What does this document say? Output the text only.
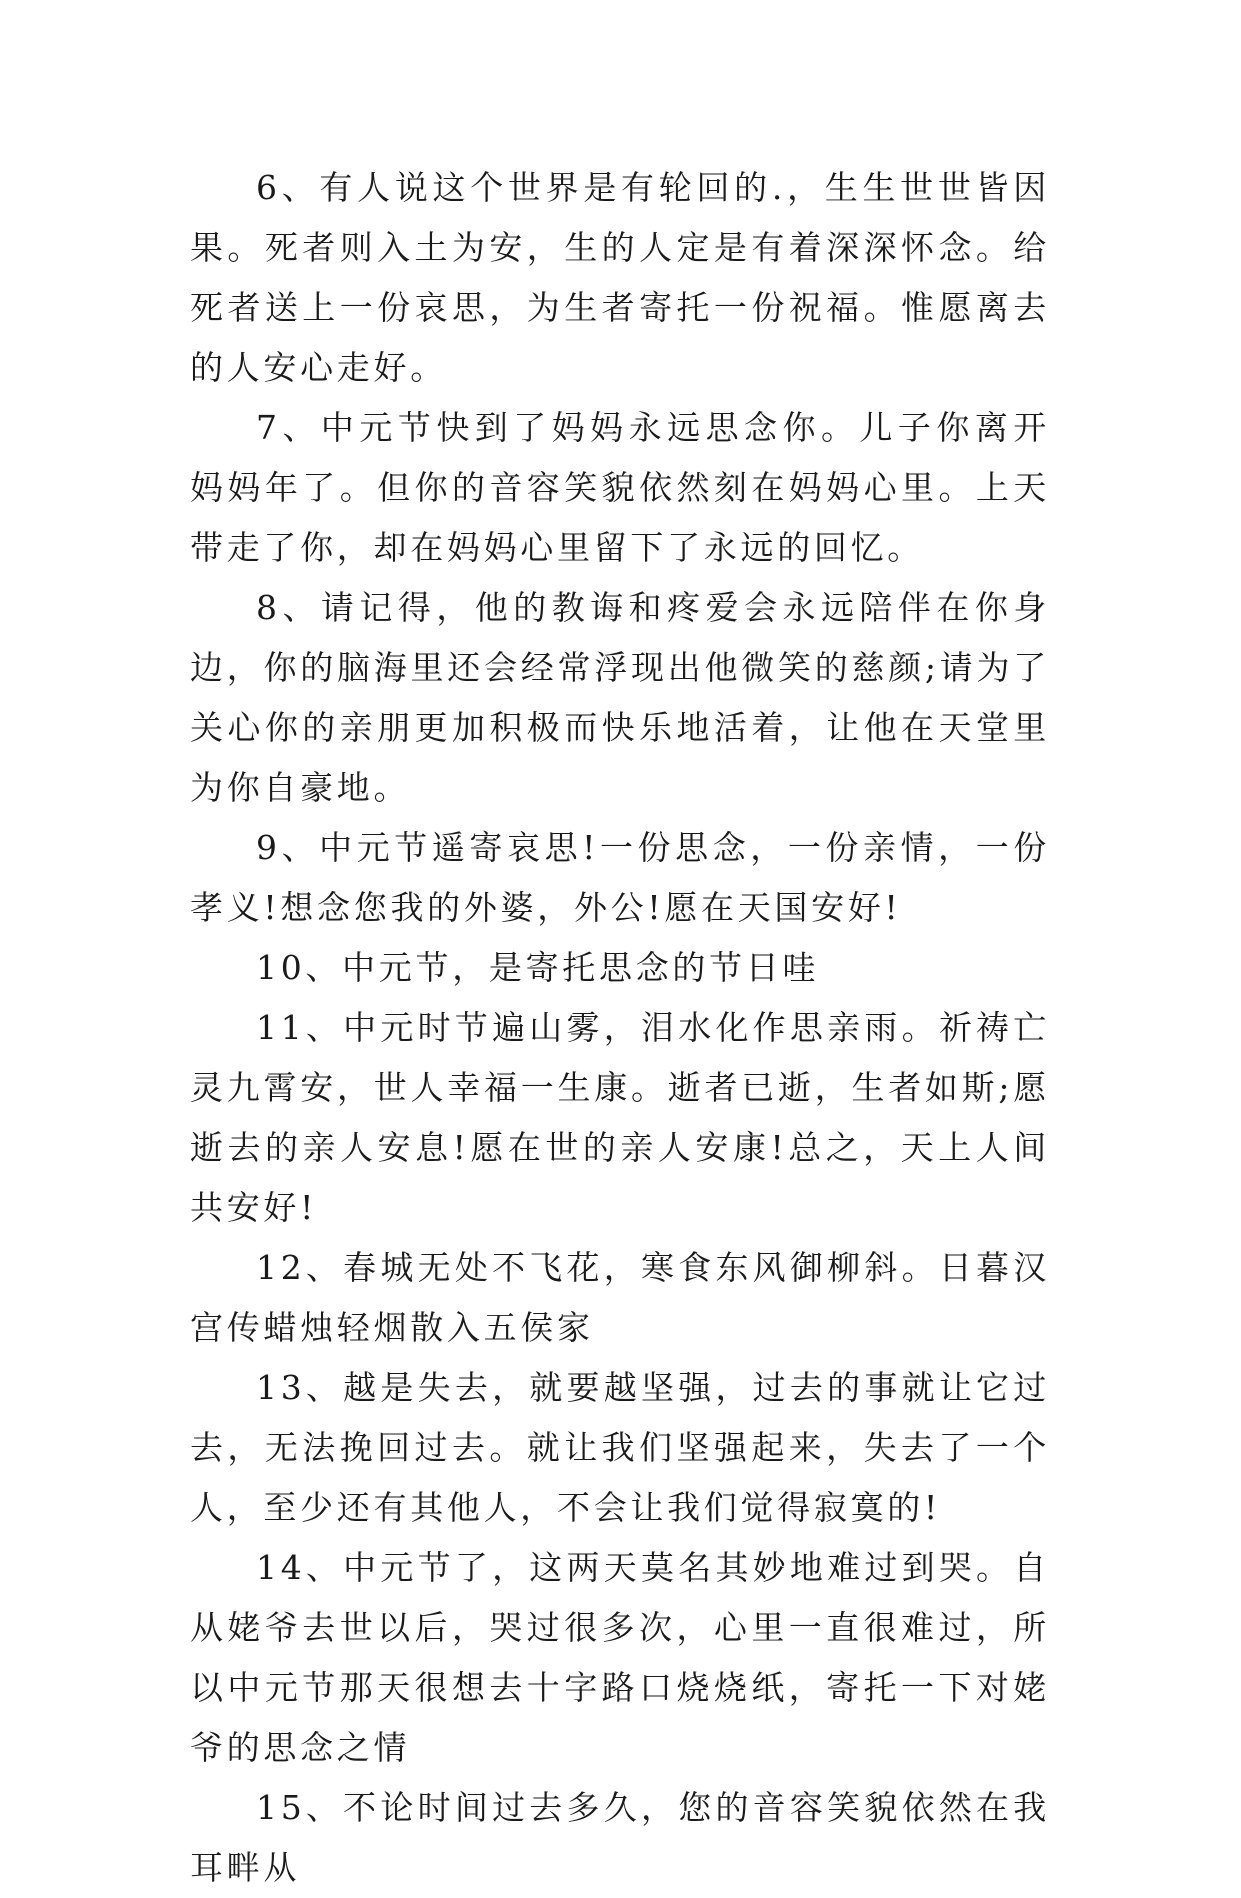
6、有人说这个世界是有轮回的.，生生世世皆因果。死者则入土为安，生的人定是有着深深怀念。给死者送上一份哀思，为生者寄托一份祝福。惟愿离去的人安心走好。

7、中元节快到了妈妈永远思念你。儿子你离开妈妈年了。但你的音容笑貌依然刻在妈妈心里。上天带走了你，却在妈妈心里留下了永远的回忆。

8、请记得，他的教诲和疼爱会永远陪伴在你身边，你的脑海里还会经常浮现出他微笑的慈颜;请为了关心你的亲朋更加积极而快乐地活着，让他在天堂里为你自豪地。

9、中元节遥寄哀思!一份思念，一份亲情，一份孝义!想念您我的外婆，外公!愿在天国安好!

10、中元节，是寄托思念的节日哇

11、中元时节遍山雾，泪水化作思亲雨。祈祷亡灵九霄安，世人幸福一生康。逝者已逝，生者如斯;愿逝去的亲人安息!愿在世的亲人安康!总之，天上人间共安好!

12、春城无处不飞花，寒食东风御柳斜。日暮汉宫传蜡烛轻烟散入五侯家

13、越是失去，就要越坚强，过去的事就让它过去，无法挽回过去。就让我们坚强起来，失去了一个人，至少还有其他人，不会让我们觉得寂寞的!

14、中元节了，这两天莫名其妙地难过到哭。自从姥爷去世以后，哭过很多次，心里一直很难过，所以中元节那天很想去十字路口烧烧纸，寄托一下对姥爷的思念之情

15、不论时间过去多久，您的音容笑貌依然在我耳畔从
